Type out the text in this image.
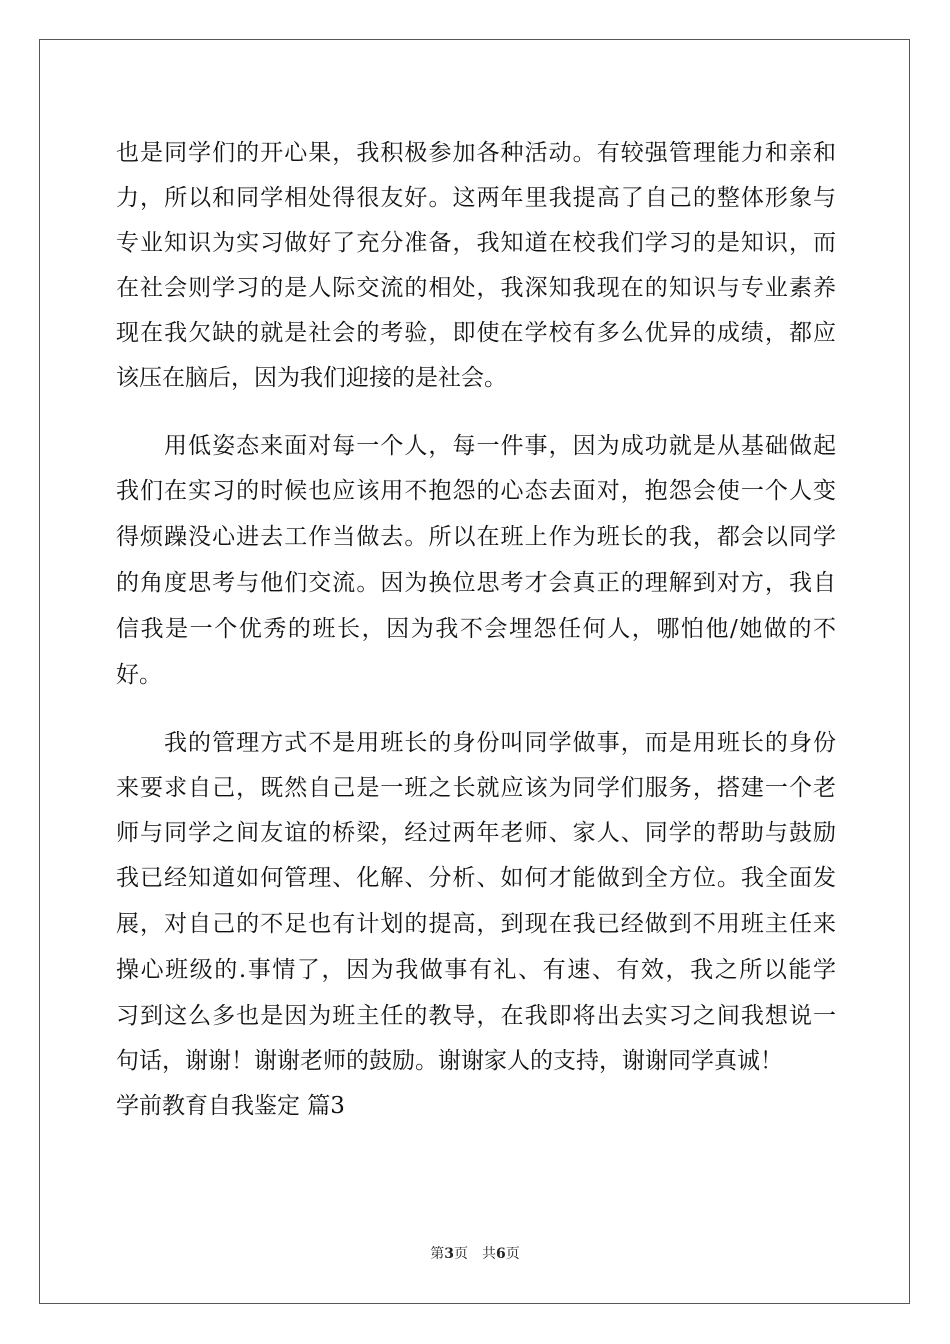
也是同学们的开心果，我积极参加各种活动。有较强管理能力和亲和
力，所以和同学相处得很友好。这两年里我提高了自己的整体形象与
专业知识为实习做好了充分准备，我知道在校我们学习的是知识，而
在社会则学习的是人际交流的相处，我深知我现在的知识与专业素养
现在我欠缺的就是社会的考验，即使在学校有多么优异的成绩，都应
该压在脑后，因为我们迎接的是社会。
用低姿态来面对每一个人，每一件事，因为成功就是从基础做起
我们在实习的时候也应该用不抱怨的心态去面对，抱怨会使一个人变
得烦躁没心进去工作当做去。所以在班上作为班长的我，都会以同学
的角度思考与他们交流。因为换位思考才会真正的理解到对方，我自
信我是一个优秀的班长，因为我不会埋怨任何人，哪怕他/她做的不
好。
我的管理方式不是用班长的身份叫同学做事，而是用班长的身份
来要求自己，既然自己是一班之长就应该为同学们服务，搭建一个老
师与同学之间友谊的桥梁，经过两年老师、家人、同学的帮助与鼓励
我已经知道如何管理、化解、分析、如何才能做到全方位。我全面发
展，对自己的不足也有计划的提高，到现在我已经做到不用班主任来
操心班级的.事情了，因为我做事有礼、有速、有效，我之所以能学
习到这么多也是因为班主任的教导，在我即将出去实习之间我想说一
句话，谢谢！谢谢老师的鼓励。谢谢家人的支持，谢谢同学真诚！
学前教育自我鉴定 篇3
第3页 共6页
